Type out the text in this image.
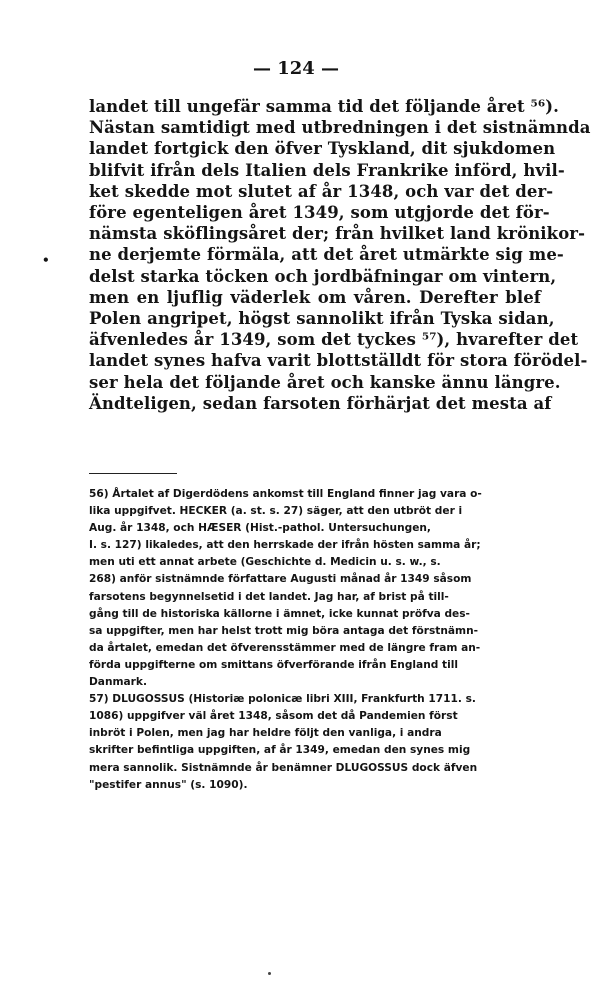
— 124 —
•
landet till ungefär samma tid det följande året ⁵⁶).
Nästan samtidigt med utbredningen i det sistnämnda
landet fortgick den öfver Tyskland, dit sjukdomen
blifvit ifrån dels Italien dels Frankrike införd, hvil-
ket skedde mot slutet af år 1348, och var det der-
före egenteligen året 1349, som utgjorde det för-
nämsta sköflingsåret der; från hvilket land krönikor-
ne derjemte förmäla, att det året utmärkte sig me-
delst starka töcken och jordbäfningar om vintern,
men en ljuflig väderlek om våren. Derefter blef
Polen angripet, högst sannolikt ifrån Tyska sidan,
äfvenledes år 1349, som det tyckes ⁵⁷), hvarefter det
landet synes hafva varit blottställdt för stora förödel-
ser hela det följande året och kanske ännu längre.
Ändteligen, sedan farsoten förhärjat det mesta af
56) Årtalet af Digerdödens ankomst till England finner jag vara o-
lika uppgifvet. HECKER (a. st. s. 27) säger, att den utbröt der i
Aug. år 1348, och HÆSER (Hist.-pathol. Untersuchungen,
I. s. 127) likaledes, att den herrskade der ifrån hösten samma år;
men uti ett annat arbete (Geschichte d. Medicin u. s. w., s.
268) anför sistnämnde författare Augusti månad år 1349 såsom
farsotens begynnelsetid i det landet. Jag har, af brist på till-
gång till de historiska källorne i ämnet, icke kunnat pröfva des-
sa uppgifter, men har helst trott mig böra antaga det förstnämn-
da årtalet, emedan det öfverensstämmer med de längre fram an-
förda uppgifterne om smittans öfverförande ifrån England till
Danmark.
57) DLUGOSSUS (Historiæ polonicæ libri XIII, Frankfurth 1711. s.
1086) uppgifver väl året 1348, såsom det då Pandemien först
inbröt i Polen, men jag har heldre följt den vanliga, i andra
skrifter befintliga uppgiften, af år 1349, emedan den synes mig
mera sannolik. Sistnämnde år benämner DLUGOSSUS dock äfven
"pestifer annus" (s. 1090).
